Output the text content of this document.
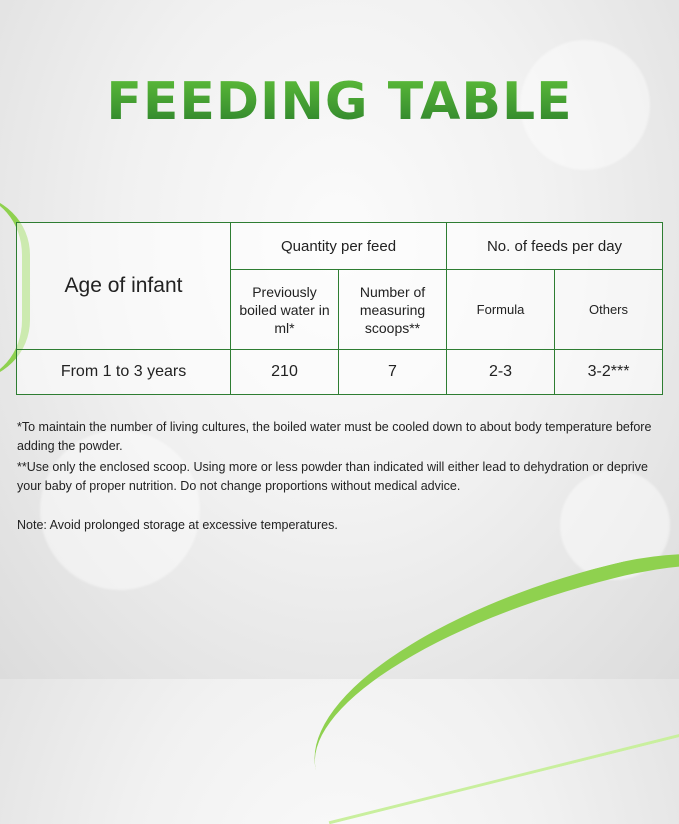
FEEDING TABLE
Age of infant	Quantity per feed		No. of feeds per day	
	Previously boiled water in ml*	Number of measuring scoops**	Formula	Others
From 1 to 3 years	210	7	2-3	3-2***
*To maintain the number of living cultures, the boiled water must be cooled down to about body temperature before adding the powder.
**Use only the enclosed scoop. Using more or less powder than indicated will either lead to dehydration or deprive your baby of proper nutrition. Do not change proportions without medical advice.
Note: Avoid prolonged storage at excessive temperatures.
